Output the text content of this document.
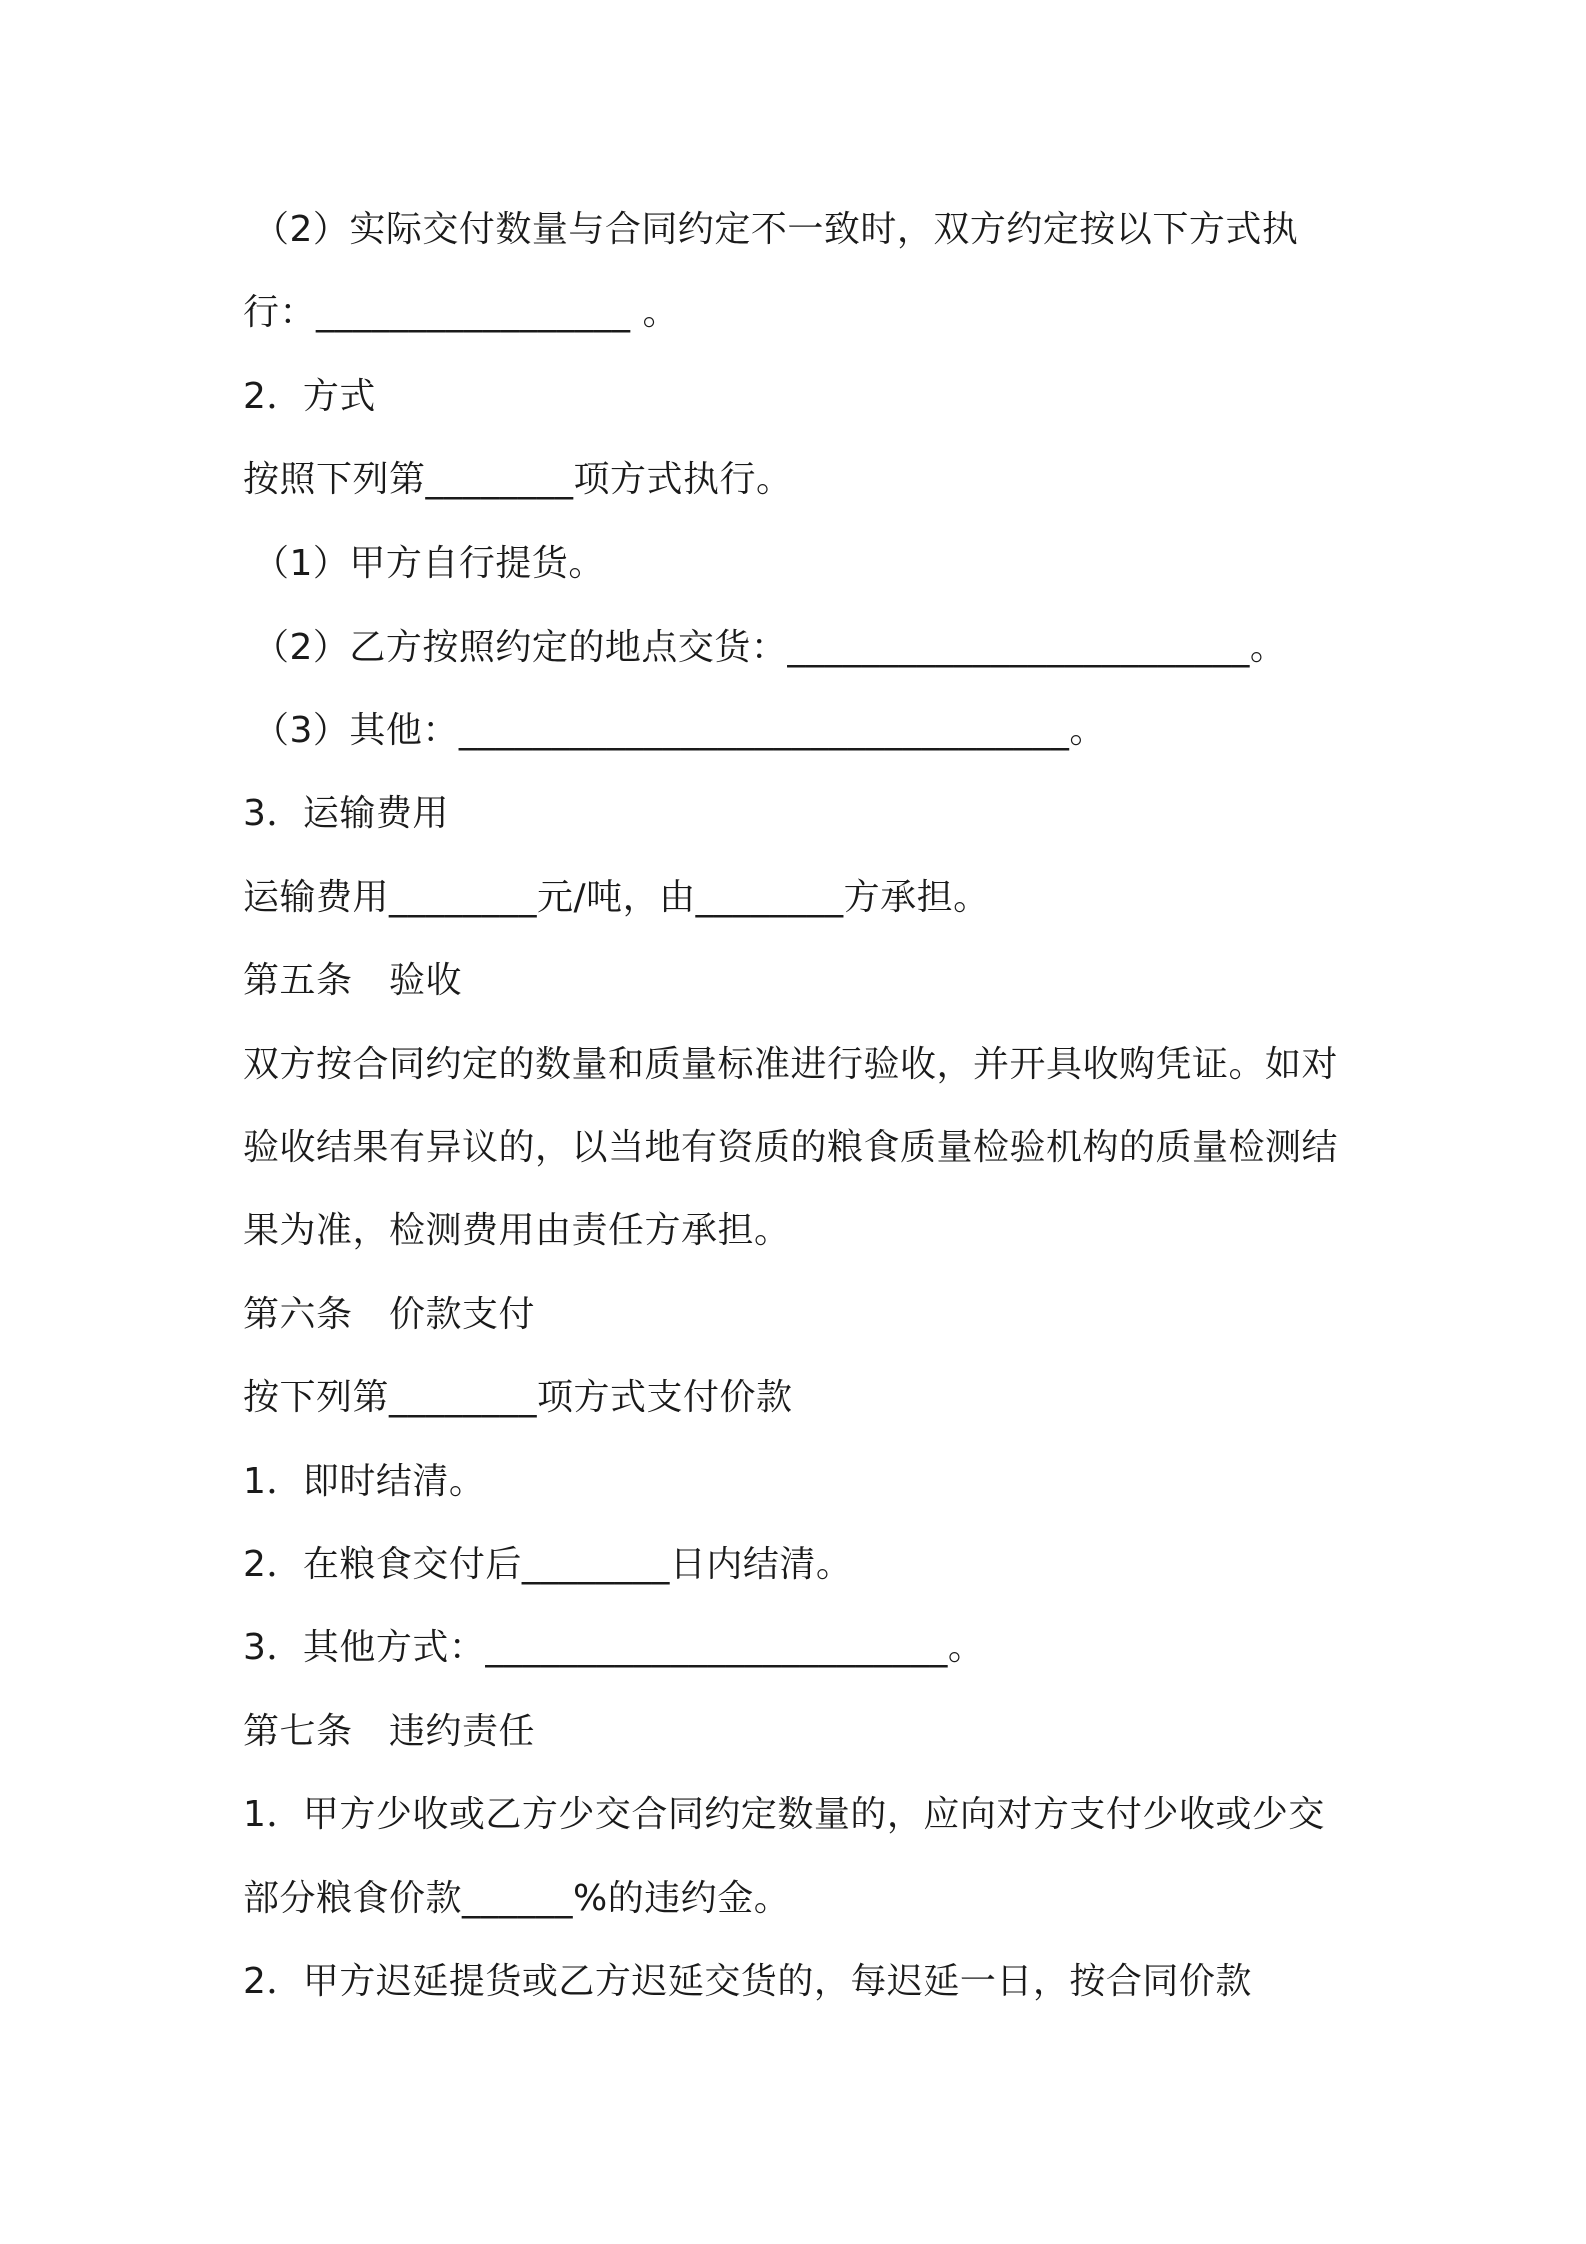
（2）实际交付数量与合同约定不一致时，双方约定按以下方式执
行：_________________ 。
2．方式
按照下列第________项方式执行。
（1）甲方自行提货。
（2）乙方按照约定的地点交货：_________________________。
（3）其他：_________________________________。
3．运输费用
运输费用________元/吨，由________方承担。
第五条　验收
双方按合同约定的数量和质量标准进行验收，并开具收购凭证。如对
验收结果有异议的，以当地有资质的粮食质量检验机构的质量检测结
果为准，检测费用由责任方承担。
第六条　价款支付
按下列第________项方式支付价款
1．即时结清。
2．在粮食交付后________日内结清。
3．其他方式：_________________________。
第七条　违约责任
1．甲方少收或乙方少交合同约定数量的，应向对方支付少收或少交
部分粮食价款______%的违约金。
2．甲方迟延提货或乙方迟延交货的，每迟延一日，按合同价款
